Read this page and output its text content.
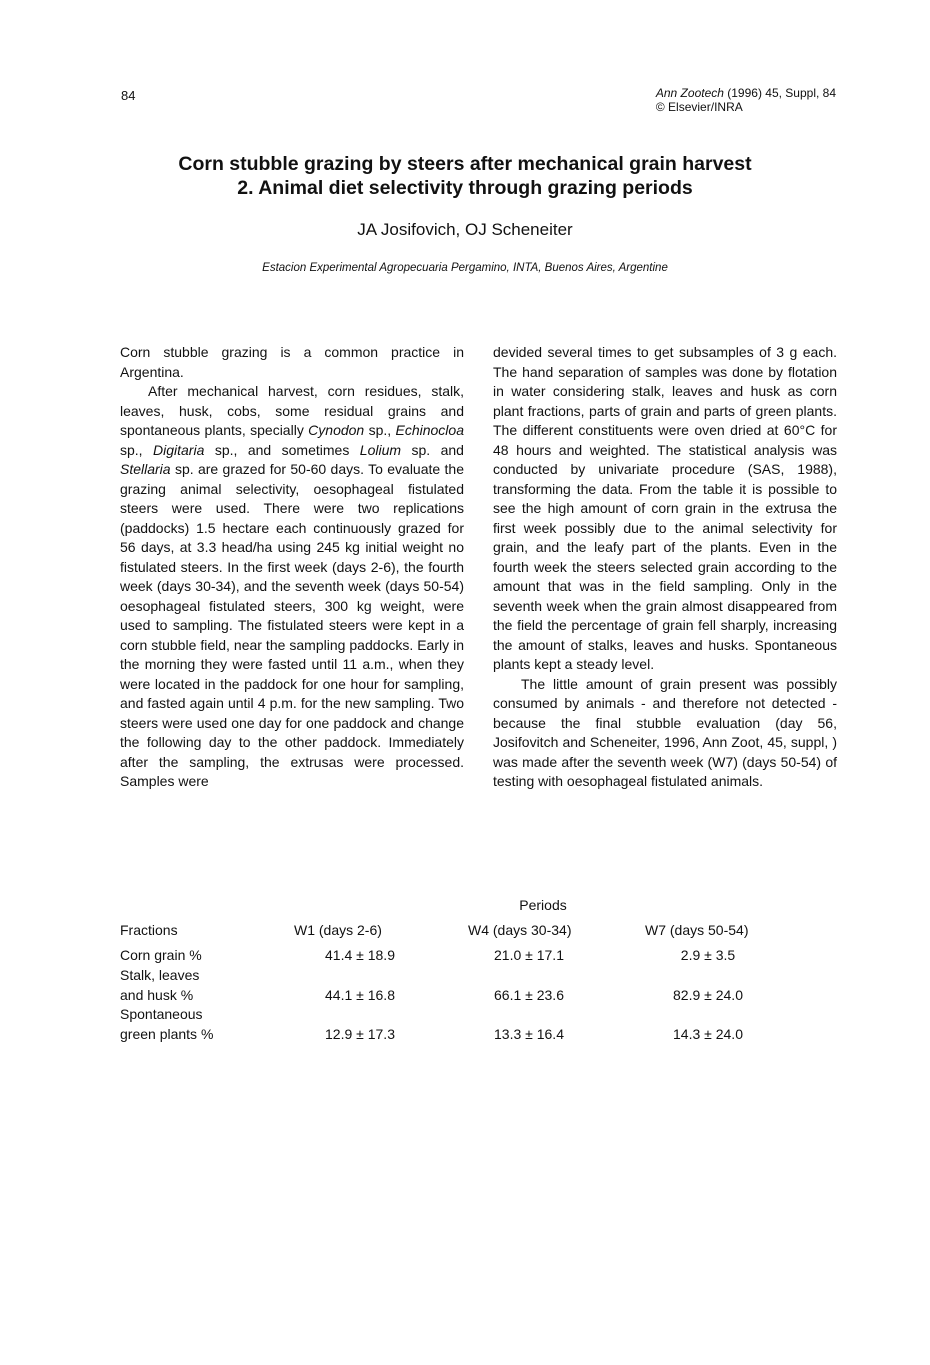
84	Ann Zootech (1996) 45, Suppl, 84
© Elsevier/INRA
Corn stubble grazing by steers after mechanical grain harvest
2. Animal diet selectivity through grazing periods
JA Josifovich, OJ Scheneiter
Estacion Experimental Agropecuaria Pergamino, INTA, Buenos Aires, Argentine

Corn stubble grazing is a common practice in Argentina.

After mechanical harvest, corn residues, stalk, leaves, husk, cobs, some residual grains and spontaneous plants, specially Cynodon sp., Echinocloa sp., Digitaria sp., and sometimes Lolium sp. and Stellaria sp. are grazed for 50-60 days. To evaluate the grazing animal selectivity, oesophageal fistulated steers were used. There were two replications (paddocks) 1.5 hectare each continuously grazed for 56 days, at 3.3 head/ha using 245 kg initial weight no fistulated steers. In the first week (days 2-6), the fourth week (days 30-34), and the seventh week (days 50-54) oesophageal fistulated steers, 300 kg weight, were used to sampling. The fistulated steers were kept in a corn stubble field, near the sampling paddocks. Early in the morning they were fasted until 11 a.m., when they were located in the paddock for one hour for sampling, and fasted again until 4 p.m. for the new sampling. Two steers were used one day for one paddock and change the following day to the other paddock. Immediately after the sampling, the extrusas were processed. Samples were

devided several times to get subsamples of 3 g each. The hand separation of samples was done by flotation in water considering stalk, leaves and husk as corn plant fractions, parts of grain and parts of green plants. The different constituents were oven dried at 60°C for 48 hours and weighted. The statistical analysis was conducted by univariate procedure (SAS, 1988), transforming the data. From the table it is possible to see the high amount of corn grain in the extrusa the first week possibly due to the animal selectivity for grain, and the leafy part of the plants. Even in the fourth week the steers selected grain according to the amount that was in the field sampling. Only in the seventh week when the grain almost disappeared from the field the percentage of grain fell sharply, increasing the amount of stalks, leaves and husks. Spontaneous plants kept a steady level.

The little amount of grain present was possibly consumed by animals - and therefore not detected - because the final stubble evaluation (day 56, Josifovitch and Scheneiter, 1996, Ann Zoot, 45, suppl, ) was made after the seventh week (W7) (days 50-54) of testing with oesophageal fistulated animals.

Periods
Fractions	W1 (days 2-6)	W4 (days 30-34)	W7 (days 50-54)
Corn grain %	41.4 ± 18.9	21.0 ± 17.1	2.9 ± 3.5
Stalk, leaves
and husk %	44.1 ± 16.8	66.1 ± 23.6	82.9 ± 24.0
Spontaneous
green plants %	12.9 ± 17.3	13.3 ± 16.4	14.3 ± 24.0
